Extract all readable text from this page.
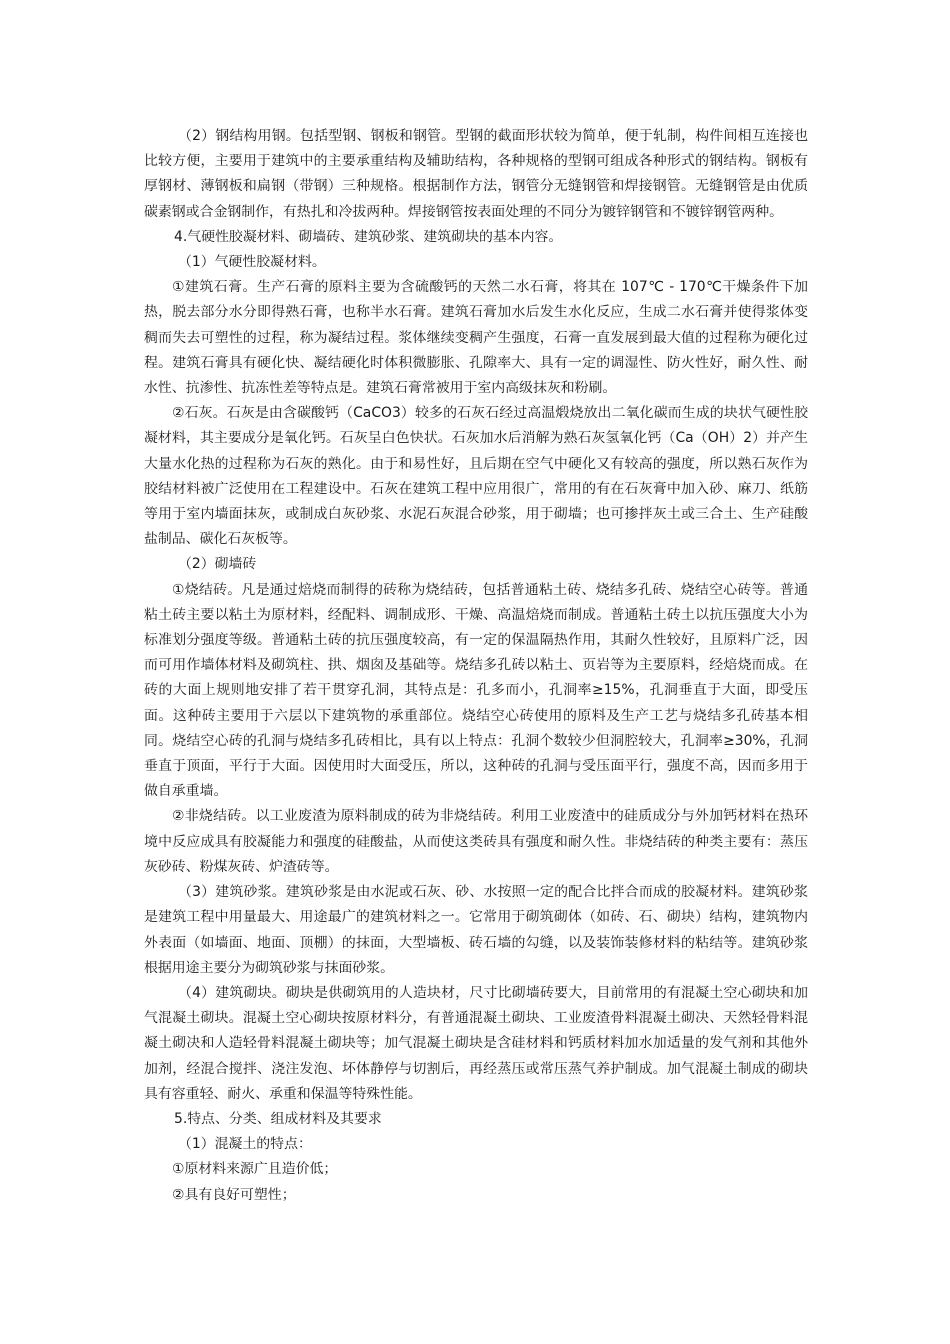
（2）钢结构用钢。包括型钢、钢板和钢管。型钢的截面形状较为简单，便于轧制，构件间相互连接也比较方便，主要用于建筑中的主要承重结构及辅助结构，各种规格的型钢可组成各种形式的钢结构。钢板有厚钢材、薄钢板和扁钢（带钢）三种规格。根据制作方法，钢管分无缝钢管和焊接钢管。无缝钢管是由优质碳素钢或合金钢制作，有热扎和冷拔两种。焊接钢管按表面处理的不同分为镀锌钢管和不镀锌钢管两种。

4.气硬性胶凝材料、砌墙砖、建筑砂浆、建筑砌块的基本内容。

（1）气硬性胶凝材料。

①建筑石膏。生产石膏的原料主要为含硫酸钙的天然二水石膏，将其在 107℃ - 170℃干燥条件下加热，脱去部分水分即得熟石膏，也称半水石膏。建筑石膏加水后发生水化反应，生成二水石膏并使得浆体变稠而失去可塑性的过程，称为凝结过程。浆体继续变稠产生强度，石膏一直发展到最大值的过程称为硬化过程。建筑石膏具有硬化快、凝结硬化时体积微膨胀、孔隙率大、具有一定的调湿性、防火性好，耐久性、耐水性、抗渗性、抗冻性差等特点是。建筑石膏常被用于室内高级抹灰和粉刷。

②石灰。石灰是由含碳酸钙（CaCO3）较多的石灰石经过高温煅烧放出二氧化碳而生成的块状气硬性胶凝材料，其主要成分是氧化钙。石灰呈白色快状。石灰加水后消解为熟石灰氢氧化钙（Ca（OH）2）并产生大量水化热的过程称为石灰的熟化。由于和易性好，且后期在空气中硬化又有较高的强度，所以熟石灰作为胶结材料被广泛使用在工程建设中。石灰在建筑工程中应用很广，常用的有在石灰膏中加入砂、麻刀、纸筋等用于室内墙面抹灰，或制成白灰砂浆、水泥石灰混合砂浆，用于砌墙；也可掺拌灰土或三合土、生产硅酸盐制品、碳化石灰板等。

（2）砌墙砖

①烧结砖。凡是通过焙烧而制得的砖称为烧结砖，包括普通粘土砖、烧结多孔砖、烧结空心砖等。普通粘土砖主要以粘土为原材料，经配料、调制成形、干燥、高温焙烧而制成。普通粘土砖土以抗压强度大小为标准划分强度等级。普通粘土砖的抗压强度较高，有一定的保温隔热作用，其耐久性较好，且原料广泛，因而可用作墙体材料及砌筑柱、拱、烟囱及基础等。烧结多孔砖以粘土、页岩等为主要原料，经焙烧而成。在砖的大面上规则地安排了若干贯穿孔洞，其特点是：孔多而小，孔洞率≥15%，孔洞垂直于大面，即受压面。这种砖主要用于六层以下建筑物的承重部位。烧结空心砖使用的原料及生产工艺与烧结多孔砖基本相同。烧结空心砖的孔洞与烧结多孔砖相比，具有以上特点：孔洞个数较少但洞腔较大，孔洞率≥30%，孔洞垂直于顶面，平行于大面。因使用时大面受压，所以，这种砖的孔洞与受压面平行，强度不高，因而多用于做自承重墙。

②非烧结砖。以工业废渣为原料制成的砖为非烧结砖。利用工业废渣中的硅质成分与外加钙材料在热环境中反应成具有胶凝能力和强度的硅酸盐，从而使这类砖具有强度和耐久性。非烧结砖的种类主要有：蒸压灰砂砖、粉煤灰砖、炉渣砖等。

（3）建筑砂浆。建筑砂浆是由水泥或石灰、砂、水按照一定的配合比拌合而成的胶凝材料。建筑砂浆是建筑工程中用量最大、用途最广的建筑材料之一。它常用于砌筑砌体（如砖、石、砌块）结构，建筑物内外表面（如墙面、地面、顶棚）的抹面，大型墙板、砖石墙的勾缝，以及装饰装修材料的粘结等。建筑砂浆根据用途主要分为砌筑砂浆与抹面砂浆。

（4）建筑砌块。砌块是供砌筑用的人造块材，尺寸比砌墙砖要大，目前常用的有混凝土空心砌块和加气混凝土砌块。混凝土空心砌块按原材料分，有普通混凝土砌块、工业废渣骨料混凝土砌决、天然轻骨料混凝土砌决和人造轻骨料混凝土砌块等；加气混凝土砌块是含硅材料和钙质材料加水加适量的发气剂和其他外加剂，经混合搅拌、浇注发泡、坏体静停与切割后，再经蒸压或常压蒸气养护制成。加气混凝土制成的砌块具有容重轻、耐火、承重和保温等特殊性能。

5.特点、分类、组成材料及其要求

（1）混凝土的特点：

①原材料来源广且造价低；

②具有良好可塑性；
